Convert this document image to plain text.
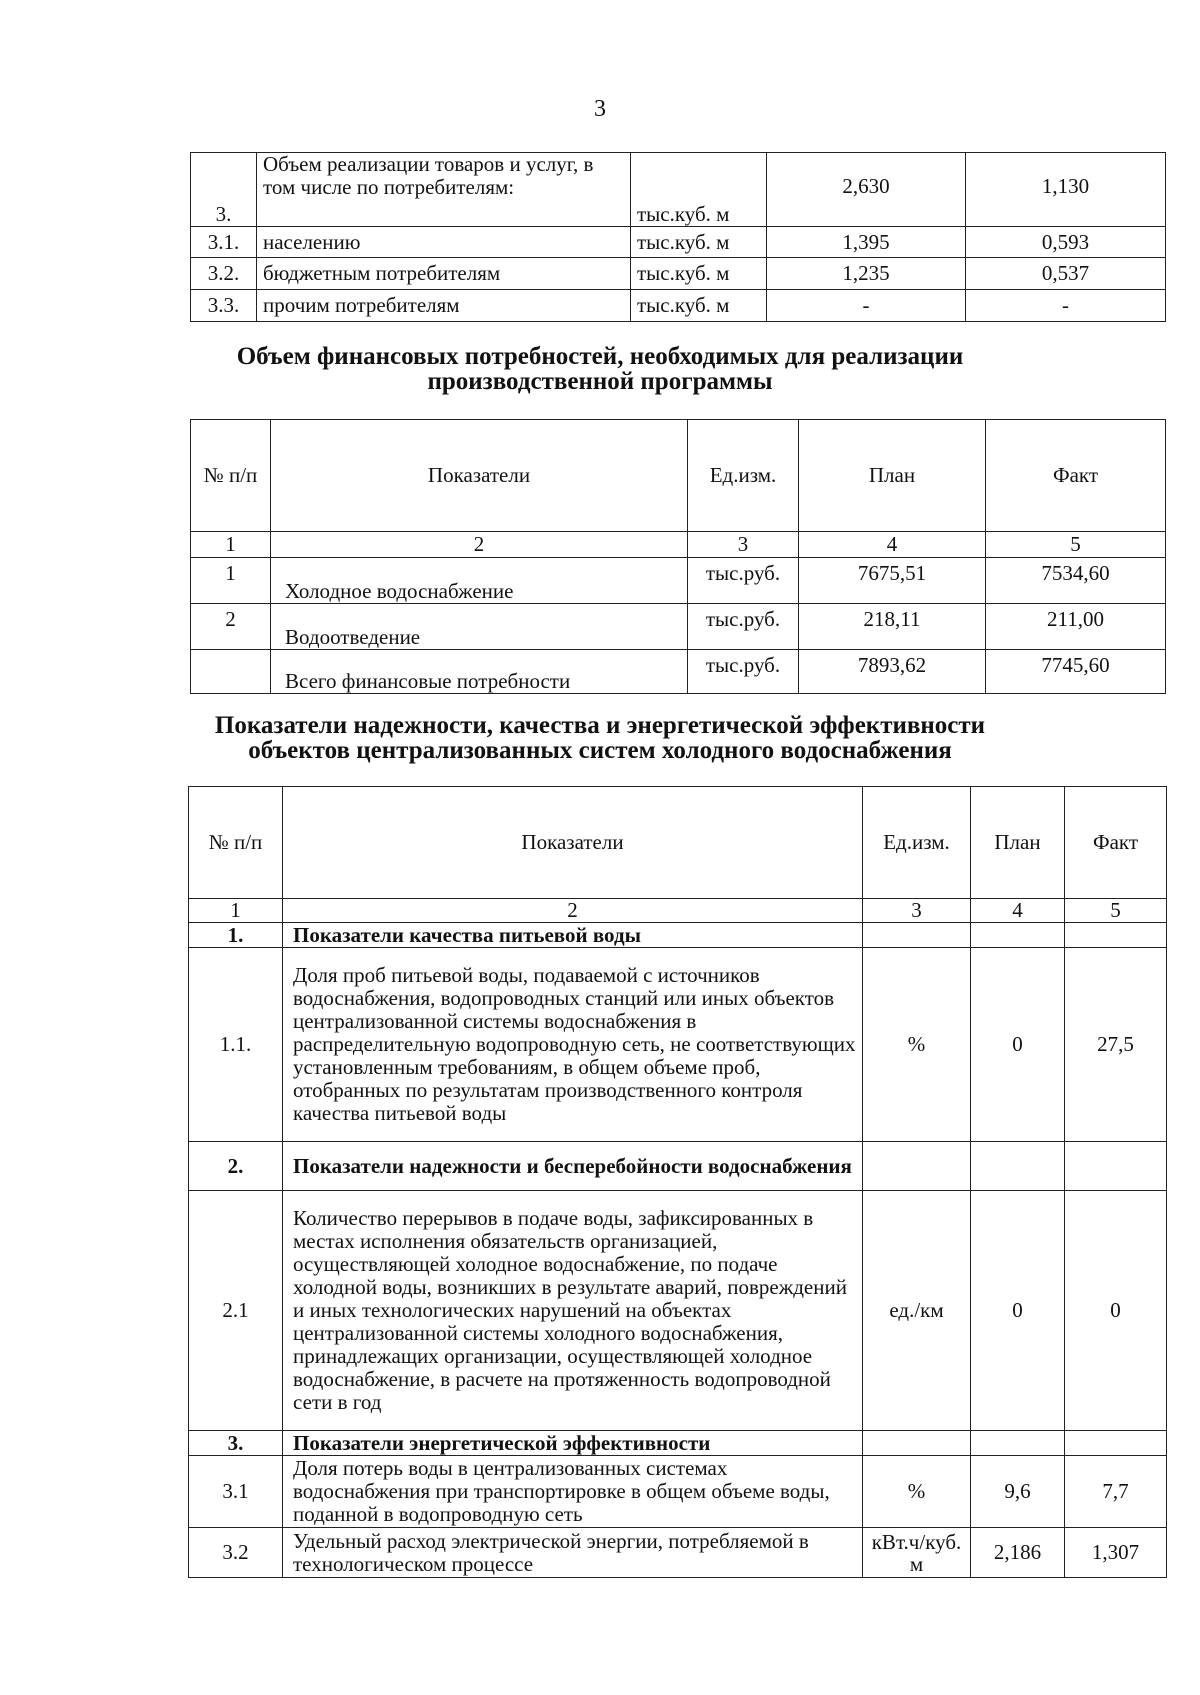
3
3.	Объем реализации товаров и услуг, в том числе по потребителям:	тыс.куб. м	2,630	1,130
3.1.	населению	тыс.куб. м	1,395	0,593
3.2.	бюджетным потребителям	тыс.куб. м	1,235	0,537
3.3.	прочим потребителям	тыс.куб. м	-	-
Объем финансовых потребностей, необходимых для реализации
производственной программы
№ п/п	Показатели	Ед.изм.	План	Факт
1	2	3	4	5
1	Холодное водоснабжение	тыс.руб.	7675,51	7534,60
2	Водоотведение	тыс.руб.	218,11	211,00
	Всего финансовые потребности	тыс.руб.	7893,62	7745,60
Показатели надежности, качества и энергетической эффективности
объектов централизованных систем холодного водоснабжения
№ п/п	Показатели	Ед.изм.	План	Факт
1	2	3	4	5
1.	Показатели качества питьевой воды			
1.1.	Доля проб питьевой воды, подаваемой с источников водоснабжения, водопроводных станций или иных объектов централизованной системы водоснабжения в распределительную водопроводную сеть, не соответствующих установленным требованиям, в общем объеме проб, отобранных по результатам производственного контроля качества питьевой воды	%	0	27,5
2.	Показатели надежности и бесперебойности водоснабжения			
2.1	Количество перерывов в подаче воды, зафиксированных в местах исполнения обязательств организацией, осуществляющей холодное водоснабжение, по подаче холодной воды, возникших в результате аварий, повреждений и иных технологических нарушений на объектах централизованной системы холодного водоснабжения, принадлежащих организации, осуществляющей холодное водоснабжение, в расчете на протяженность водопроводной сети в год	ед./км	0	0
3.	Показатели энергетической эффективности			
3.1	Доля потерь воды в централизованных системах водоснабжения при транспортировке в общем объеме воды, поданной в водопроводную сеть	%	9,6	7,7
3.2	Удельный расход электрической энергии, потребляемой в технологическом процессе	кВт.ч/куб.м	2,186	1,307
